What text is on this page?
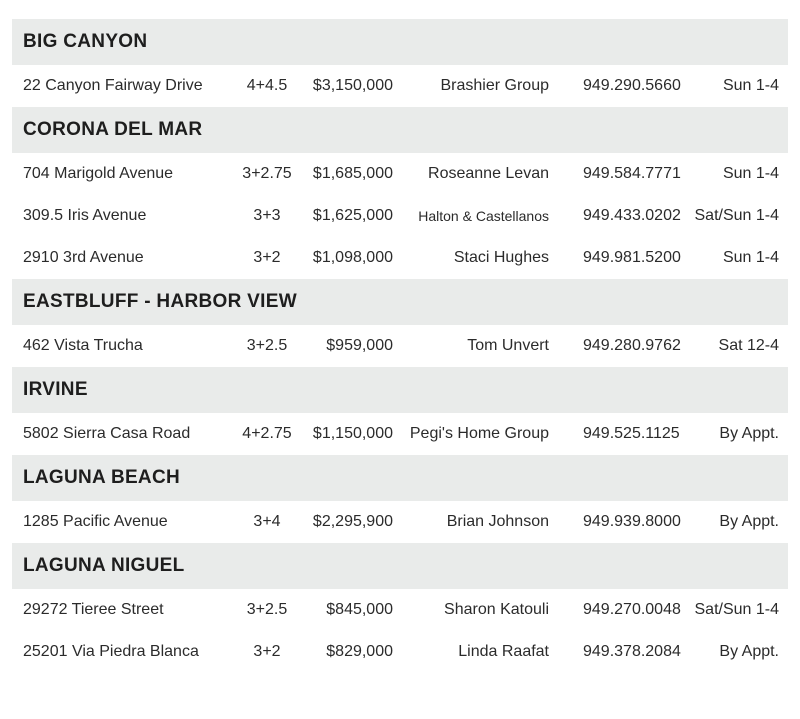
BIG CANYON
22 Canyon Fairway Drive	4+4.5	$3,150,000	Brashier Group 949.290.5660	Sun 1-4
CORONA DEL MAR
704 Marigold Avenue	3+2.75	$1,685,000 Roseanne Levan 949.584.7771	Sun 1-4
309.5 Iris Avenue	3+3	$1,625,000 Halton & Castellanos 949.433.0202 Sat/Sun 1-4
2910 3rd Avenue	3+2	$1,098,000	Staci Hughes 949.981.5200	Sun 1-4
EASTBLUFF - HARBOR VIEW
462 Vista Trucha	3+2.5	$959,000	Tom Unvert 949.280.9762 Sat 12-4
IRVINE
5802 Sierra Casa Road	4+2.75	$1,150,000 Pegi's Home Group 949.525.1125 By Appt.
LAGUNA BEACH
1285 Pacific Avenue	3+4	$2,295,900	Brian Johnson 949.939.8000 By Appt.
LAGUNA NIGUEL
29272 Tieree Street	3+2.5	$845,000	Sharon Katouli 949.270.0048 Sat/Sun 1-4
25201 Via Piedra Blanca	3+2	$829,000	Linda Raafat 949.378.2084 By Appt.
